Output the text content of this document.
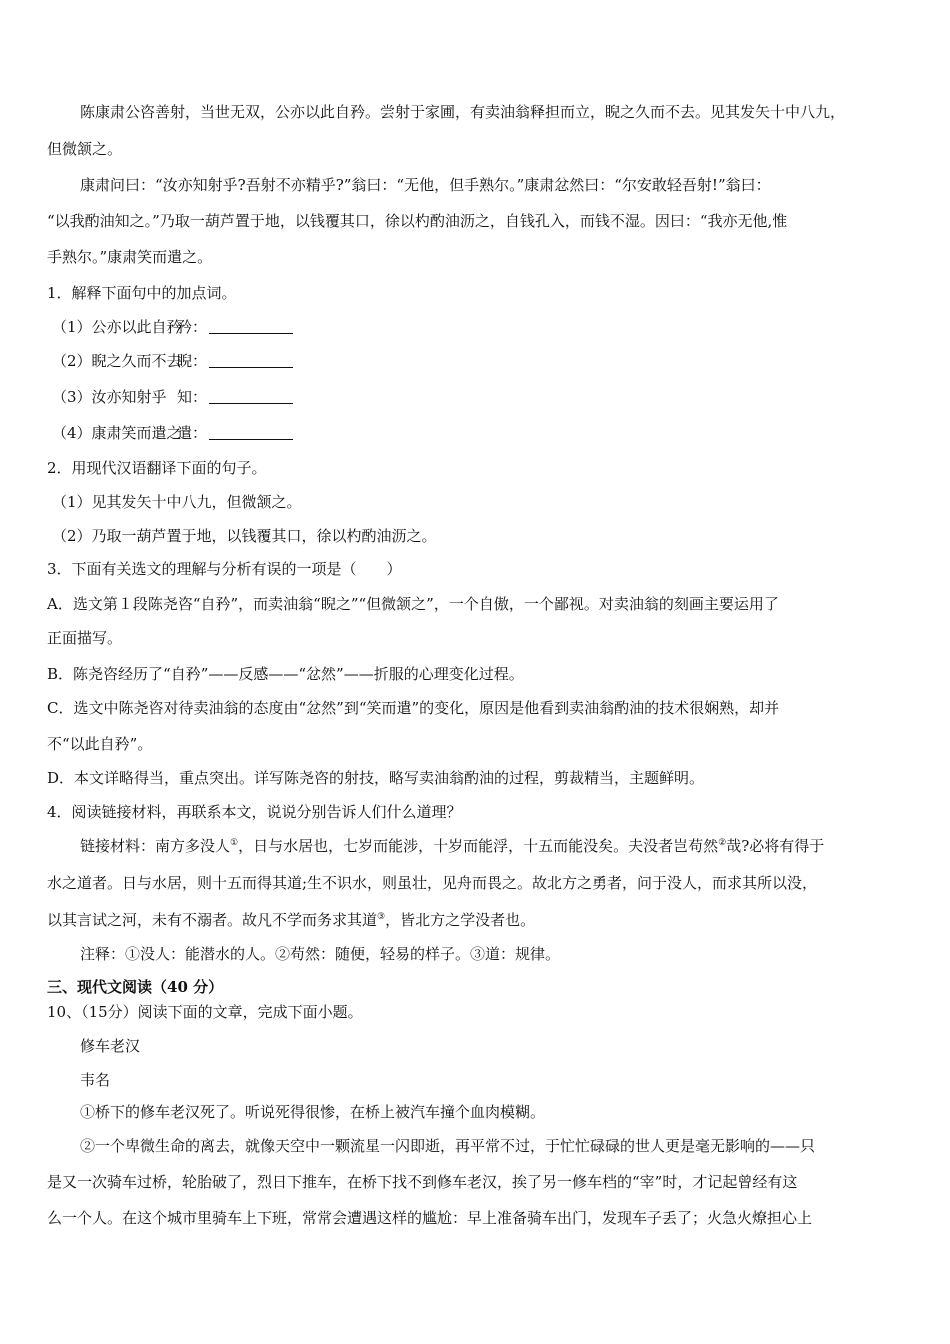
陈康肃公咨善射，当世无双，公亦以此自矜。尝射于家圃，有卖油翁释担而立，睨之久而不去。见其发矢十中八九，
但微颔之。
康肃问曰：“汝亦知射乎?吾射不亦精乎?”翁曰：“无他，但手熟尔。”康肃忿然曰：“尔安敢轻吾射!”翁曰：
“以我酌油知之。”乃取一葫芦置于地，以钱覆其口，徐以杓酌油沥之，自钱孔入，而钱不湿。因曰：“我亦无他,惟
手熟尔。”康肃笑而遣之。
1．解释下面句中的加点词。
（1）公亦以此自矜矜：
（2）睨之久而不去睨：
（3）汝亦知射乎 知：
（4）康肃笑而遣之遣：
2．用现代汉语翻译下面的句子。
（1）见其发矢十中八九，但微颔之。
（2）乃取一葫芦置于地，以钱覆其口，徐以杓酌油沥之。
3．下面有关选文的理解与分析有误的一项是（　　）
A．选文第１段陈尧咨“自矜”，而卖油翁“睨之”“但微颔之”，一个自傲，一个鄙视。对卖油翁的刻画主要运用了
正面描写。
B．陈尧咨经历了“自矜”——反感——“忿然”——折服的心理变化过程。
C．选文中陈尧咨对待卖油翁的态度由“忿然”到“笑而遣”的变化，原因是他看到卖油翁酌油的技术很娴熟，却并
不“以此自矜”。
D．本文详略得当，重点突出。详写陈尧咨的射技，略写卖油翁酌油的过程，剪裁精当，主题鲜明。
4．阅读链接材料，再联系本文，说说分别告诉人们什么道理？
链接材料：南方多没人①，日与水居也，七岁而能涉，十岁而能浮，十五而能没矣。夫没者岂苟然②哉?必将有得于
水之道者。日与水居，则十五而得其道;生不识水，则虽壮，见舟而畏之。故北方之勇者，问于没人，而求其所以没，
以其言试之河，未有不溺者。故凡不学而务求其道③，皆北方之学没者也。
注释：①没人：能潜水的人。②苟然：随便，轻易的样子。③道：规律。
三、现代文阅读（40 分）
10、（15分）阅读下面的文章，完成下面小题。
修车老汉
韦名
①桥下的修车老汉死了。听说死得很惨，在桥上被汽车撞个血肉模糊。
②一个卑微生命的离去，就像天空中一颗流星一闪即逝，再平常不过，于忙忙碌碌的世人更是毫无影响的——只
是又一次骑车过桥，轮胎破了，烈日下推车，在桥下找不到修车老汉，挨了另一修车档的“宰”时，才记起曾经有这
么一个人。在这个城市里骑车上下班，常常会遭遇这样的尴尬：早上准备骑车出门，发现车子丢了；火急火燎担心上
